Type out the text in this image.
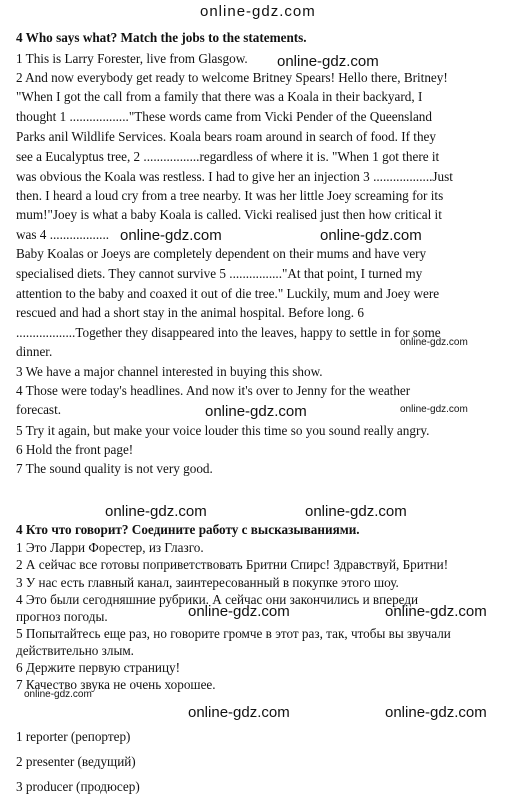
online-gdz.com
4 Who says what? Match the jobs to the statements.
1 This is Larry Forester, live from Glasgow.
2 And now everybody get ready to welcome Britney Spears! Hello there, Britney!
"When I got the call from a family that there was a Koala in their backyard, I
thought 1 .................."These words came from Vicki Pender of the Queensland
Parks anil Wildlife Services. Koala bears roam around in search of food. If they
see a Eucalyptus tree, 2 .................regardless of where it is. "When 1 got there it
was obvious the Koala was restless. I had to give her an injection 3 ..................Just
then. I heard a loud cry from a tree nearby. It was her little Joey screaming for its
mum!"Joey is what a baby Koala is called. Vicki realised just then how critical it
was 4 ..................
Baby Koalas or Joeys are completely dependent on their mums and have very
specialised diets. They cannot survive 5 ................"At that point, I turned my
attention to the baby and coaxed it out of die tree." Luckily, mum and Joey were
rescued and had a short stay in the animal hospital. Before long. 6
..................Together they disappeared into the leaves, happy to settle in for some
dinner.
3 We have a major channel interested in buying this show.
4 Those were today's headlines. And now it's over to Jenny for the weather
forecast.
5 Try it again, but make your voice louder this time so you sound really angry.
6 Hold the front page!
7 The sound quality is not very good.
4 Кто что говорит? Соедините работу с высказываниями.
1 Это Ларри Форестер, из Глазго.
2 А сейчас все готовы поприветствовать Бритни Спирс! Здравствуй, Бритни!
3 У нас есть главный канал, заинтересованный в покупке этого шоу.
4 Это были сегодняшние рубрики. А сейчас они закончились и впереди
прогноз погоды.
5 Попытайтесь еще раз, но говорите громче в этот раз, так, чтобы вы звучали
действительно злым.
6 Держите первую страницу!
7 Качество звука не очень хорошее.
1 reporter (репортер)
2 presenter (ведущий)
3 producer (продюсер)
online-gdz.com
online-gdz.com	online-gdz.com
online-gdz.com
online-gdz.com	online-gdz.com
online-gdz.com	online-gdz.com
online-gdz.com	online-gdz.com
online-gdz.com
online-gdz.com	online-gdz.com
